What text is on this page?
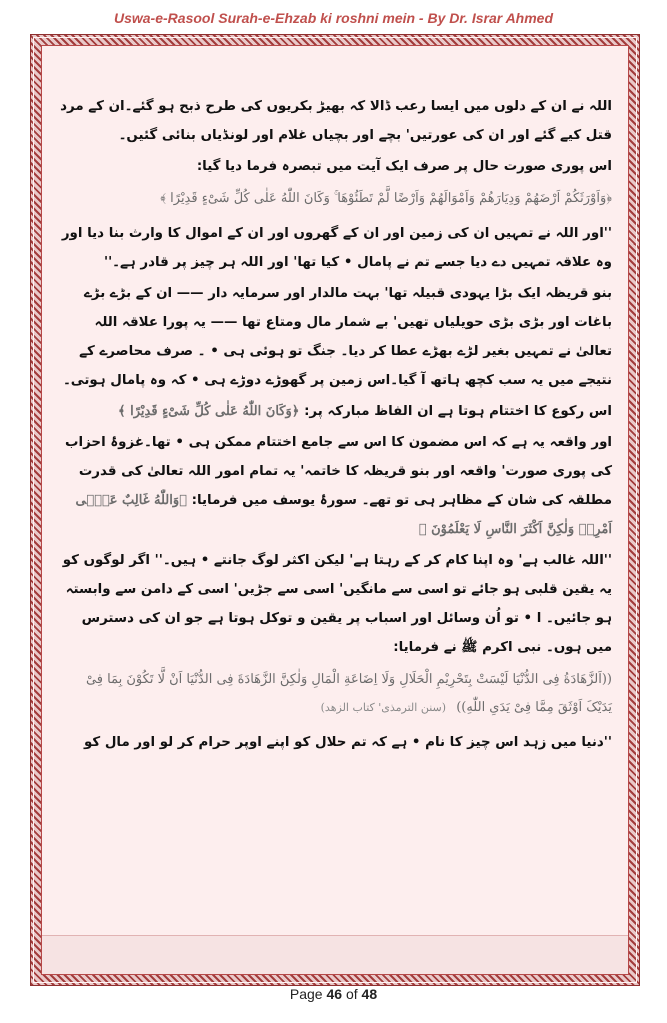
Uswa-e-Rasool Surah-e-Ehzab ki roshni mein - By Dr. Israr Ahmed

اللہ نے ان کے دلوں میں ایسا رعب ڈالا کہ بھیڑ بکریوں کی طرح ذبح ہو گئے۔ان کے مرد قتل کیے گئے اور ان کی عورتیں' بچے اور بچیاں غلام اور لونڈیاں بنائی گئیں۔

اس پوری صورت حال پر صرف ایک آیت میں تبصرہ فرما دیا گیا:

﴿وَاَوْرَثَکُمْ اَرْضَهُمْ وَدِیَارَهُمْ وَاَمْوَالَهُمْ وَاَرْضًا لَّمْ تَطَئُوْهَا ۚ وَکَانَ اللّٰهُ عَلٰی کُلِّ شَیْءٍ قَدِیْرًا ﴾

''اور اللہ نے تمہیں ان کی زمین اور ان کے گھروں اور ان کے اموال کا وارث بنا دیا اور وہ علاقہ تمہیں دے دیا جسے تم نے پامال • کیا تھا' اور اللہ ہر چیز پر قادر ہے۔''

بنو قریظہ ایک بڑا یہودی قبیلہ تھا' بہت مالدار اور سرمایہ دار —— ان کے بڑے بڑے باغات اور بڑی بڑی حویلیاں تھیں' بے شمار مال ومتاع تھا —— یہ پورا علاقہ اللہ تعالیٰ نے تمہیں بغیر لڑے بھڑے عطا کر دیا۔ جنگ تو ہوئی ہی • ۔ صرف محاصرے کے نتیجے میں یہ سب کچھ ہاتھ آ گیا۔اس زمین پر گھوڑے دوڑے ہی • کہ وہ پامال ہوتی۔

اس رکوع کا اختتام ہوتا ہے ان الفاظ مبارکہ پر: ﴿وَکَانَ اللّٰهُ عَلٰی کُلِّ شَیْءٍ قَدِیْرًا ﴾

اور واقعہ یہ ہے کہ اس مضمون کا اس سے جامع اختتام ممکن ہی • تھا۔غزوۂ احزاب کی پوری صورت' واقعہ اور بنو قریظہ کا خاتمہ' یہ تمام امور اللہ تعالیٰ کی قدرت مطلقہ کی شان کے مظاہر ہی تو تھے۔ سورۂ یوسف میں فرمایا: ﴿وَاللّٰهُ غَالِبٌ عَلٰۤی اَمْرِهٖ وَلٰکِنَّ اَکْثَرَ النَّاسِ لَا یَعْلَمُوْنَ ﴾

''اللہ غالب ہے' وہ اپنا کام کر کے رہتا ہے' لیکن اکثر لوگ جانتے • ہیں۔'' اگر لوگوں کو یہ یقین قلبی ہو جائے تو اسی سے مانگیں' اسی سے جڑیں' اسی کے دامن سے وابستہ ہو جائیں۔ ا • تو اُن وسائل اور اسباب پر یقین و توکل ہوتا ہے جو ان کی دسترس میں ہوں۔ نبی اکرم ﷺ نے فرمایا:

((اَلزَّهَادَةُ فِی الدُّنْیَا لَیْسَتْ بِتَحْرِیْمِ الْحَلَالِ وَلَا اِضَاعَةِ الْمَالِ وَلٰکِنَّ الزَّهَادَةَ فِی الدُّنْیَا اَنْ لَّا تَکُوْنَ بِمَا فِیْ یَدَیْکَ اَوْثَقَ مِمَّا فِیْ یَدَیِ اللّٰهِ)) (سنن الترمذی' کتاب الزھد)

''دنیا میں زہد اس چیز کا نام • ہے کہ تم حلال کو اپنے اوپر حرام کر لو اور مال کو

Page 46 of 48
